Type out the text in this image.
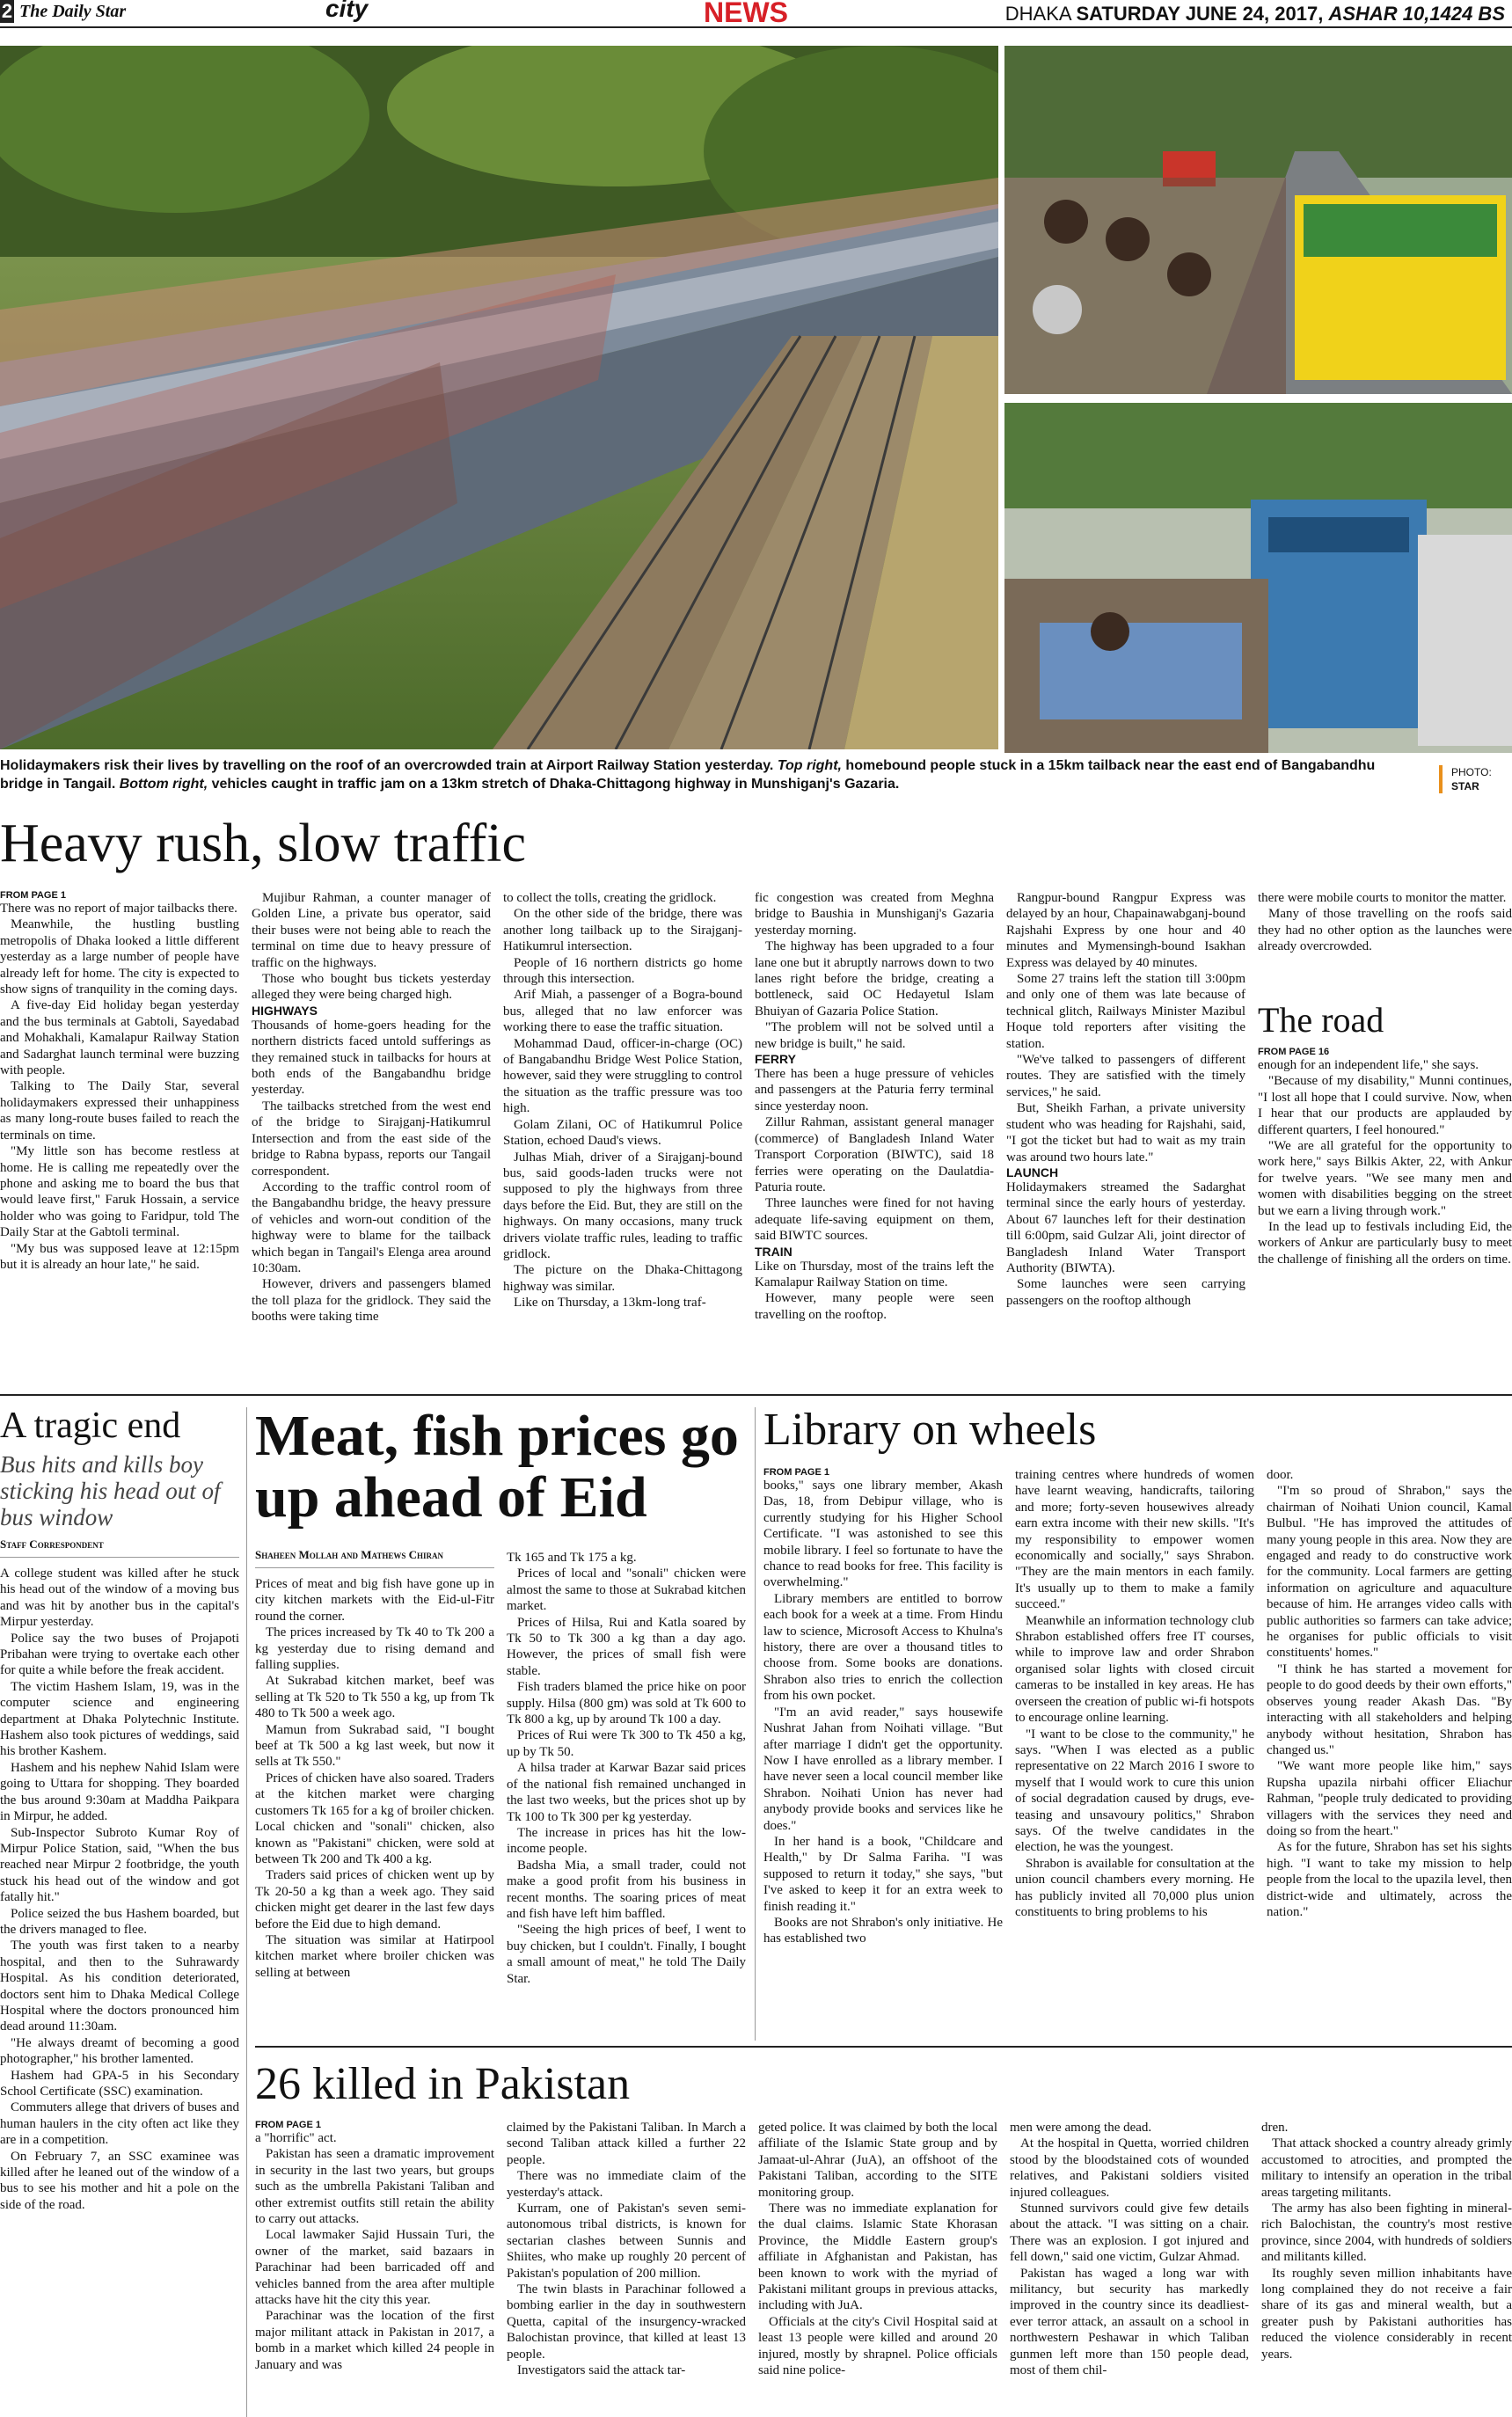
2 The Daily Star	city	NEWS	DHAKA SATURDAY JUNE 24, 2017, ASHAR 10,1424 BS
Holidaymakers risk their lives by travelling on the roof of an overcrowded train at Airport Railway Station yesterday. Top right, homebound people stuck in a 15km tailback near the east end of Bangabandhu bridge in Tangail. Bottom right, vehicles caught in traffic jam on a 13km stretch of Dhaka-Chittagong highway in Munshiganj's Gazaria.
PHOTO:
STAR
Heavy rush, slow traffic
FROM PAGE 1

There was no report of major tailbacks there.

Meanwhile, the hustling bustling metropolis of Dhaka looked a little different yesterday as a large number of people have already left for home. The city is expected to show signs of tranquility in the coming days.

A five-day Eid holiday began yesterday and the bus terminals at Gabtoli, Sayedabad and Mohakhali, Kamalapur Railway Station and Sadarghat launch terminal were buzzing with people.

Talking to The Daily Star, several holidaymakers expressed their unhappiness as many long-route buses failed to reach the terminals on time.

"My little son has become restless at home. He is calling me repeatedly over the phone and asking me to board the bus that would leave first," Faruk Hossain, a service holder who was going to Faridpur, told The Daily Star at the Gabtoli terminal.

"My bus was supposed leave at 12:15pm but it is already an hour late," he said.

Mujibur Rahman, a counter manager of Golden Line, a private bus operator, said their buses were not being able to reach the terminal on time due to heavy pressure of traffic on the highways.

Those who bought bus tickets yesterday alleged they were being charged high.

HIGHWAYS

Thousands of home-goers heading for the northern districts faced untold sufferings as they remained stuck in tailbacks for hours at both ends of the Bangabandhu bridge yesterday.

The tailbacks stretched from the west end of the bridge to Sirajganj-Hatikumrul Intersection and from the east side of the bridge to Rabna bypass, reports our Tangail correspondent.

According to the traffic control room of the Bangabandhu bridge, the heavy pressure of vehicles and worn-out condition of the highway were to blame for the tailback which began in Tangail's Elenga area around 10:30am.

However, drivers and passengers blamed the toll plaza for the gridlock. They said the booths were taking time

to collect the tolls, creating the gridlock.

On the other side of the bridge, there was another long tailback up to the Sirajganj-Hatikumrul intersection.

People of 16 northern districts go home through this intersection.

Arif Miah, a passenger of a Bogra-bound bus, alleged that no law enforcer was working there to ease the traffic situation.

Mohammad Daud, officer-in-charge (OC) of Bangabandhu Bridge West Police Station, however, said they were struggling to control the situation as the traffic pressure was too high.

Golam Zilani, OC of Hatikumrul Police Station, echoed Daud's views.

Julhas Miah, driver of a Sirajganj-bound bus, said goods-laden trucks were not supposed to ply the highways from three days before the Eid. But, they are still on the highways. On many occasions, many truck drivers violate traffic rules, leading to traffic gridlock.

The picture on the Dhaka-Chittagong highway was similar.

Like on Thursday, a 13km-long traf-

fic congestion was created from Meghna bridge to Baushia in Munshiganj's Gazaria yesterday morning.

The highway has been upgraded to a four lane one but it abruptly narrows down to two lanes right before the bridge, creating a bottleneck, said OC Hedayetul Islam Bhuiyan of Gazaria Police Station.

"The problem will not be solved until a new bridge is built," he said.

FERRY

There has been a huge pressure of vehicles and passengers at the Paturia ferry terminal since yesterday noon.

Zillur Rahman, assistant general manager (commerce) of Bangladesh Inland Water Transport Corporation (BIWTC), said 18 ferries were operating on the Daulatdia-Paturia route.

Three launches were fined for not having adequate life-saving equipment on them, said BIWTC sources.

TRAIN

Like on Thursday, most of the trains left the Kamalapur Railway Station on time.

However, many people were seen travelling on the rooftop.

Rangpur-bound Rangpur Express was delayed by an hour, Chapainawabganj-bound Rajshahi Express by one hour and 40 minutes and Mymensingh-bound Isakhan Express was delayed by 40 minutes.

Some 27 trains left the station till 3:00pm and only one of them was late because of technical glitch, Railways Minister Mazibul Hoque told reporters after visiting the station.

"We've talked to passengers of different routes. They are satisfied with the timely services," he said.

But, Sheikh Farhan, a private university student who was heading for Rajshahi, said, "I got the ticket but had to wait as my train was around two hours late."

LAUNCH

Holidaymakers streamed the Sadarghat terminal since the early hours of yesterday. About 67 launches left for their destination till 6:00pm, said Gulzar Ali, joint director of Bangladesh Inland Water Transport Authority (BIWTA).

Some launches were seen carrying passengers on the rooftop although

there were mobile courts to monitor the matter.

Many of those travelling on the roofs said they had no other option as the launches were already overcrowded.

The road
FROM PAGE 16

enough for an independent life," she says.

"Because of my disability," Munni continues, "I lost all hope that I could survive. Now, when I hear that our products are applauded by different quarters, I feel honoured."

"We are all grateful for the opportunity to work here," says Bilkis Akter, 22, with Ankur for twelve years. "We see many men and women with disabilities begging on the street but we earn a living through work."

In the lead up to festivals including Eid, the workers of Ankur are particularly busy to meet the challenge of finishing all the orders on time.

A tragic end
Bus hits and kills boy sticking his head out of bus window
Staff Correspondent

A college student was killed after he stuck his head out of the window of a moving bus and was hit by another bus in the capital's Mirpur yesterday.

Police say the two buses of Projapoti Pribahan were trying to overtake each other for quite a while before the freak accident.

The victim Hashem Islam, 19, was in the computer science and engineering department at Dhaka Polytechnic Institute. Hashem also took pictures of weddings, said his brother Kashem.

Hashem and his nephew Nahid Islam were going to Uttara for shopping. They boarded the bus around 9:30am at Maddha Paikpara in Mirpur, he added.

Sub-Inspector Subroto Kumar Roy of Mirpur Police Station, said, "When the bus reached near Mirpur 2 footbridge, the youth stuck his head out of the window and got fatally hit."

Police seized the bus Hashem boarded, but the drivers managed to flee.

The youth was first taken to a nearby hospital, and then to the Suhrawardy Hospital. As his condition deteriorated, doctors sent him to Dhaka Medical College Hospital where the doctors pronounced him dead around 11:30am.

"He always dreamt of becoming a good photographer," his brother lamented.

Hashem had GPA-5 in his Secondary School Certificate (SSC) examination.

Commuters allege that drivers of buses and human haulers in the city often act like they are in a competition.

On February 7, an SSC examinee was killed after he leaned out of the window of a bus to see his mother and hit a pole on the side of the road.

Meat, fish prices go up ahead of Eid
Shaheen Mollah and Mathews Chiran

Prices of meat and big fish have gone up in city kitchen markets with the Eid-ul-Fitr round the corner.

The prices increased by Tk 40 to Tk 200 a kg yesterday due to rising demand and falling supplies.

At Sukrabad kitchen market, beef was selling at Tk 520 to Tk 550 a kg, up from Tk 480 to Tk 500 a week ago.

Mamun from Sukrabad said, "I bought beef at Tk 500 a kg last week, but now it sells at Tk 550."

Prices of chicken have also soared. Traders at the kitchen market were charging customers Tk 165 for a kg of broiler chicken. Local chicken and "sonali" chicken, also known as "Pakistani" chicken, were sold at between Tk 200 and Tk 400 a kg.

Traders said prices of chicken went up by Tk 20-50 a kg than a week ago. They said chicken might get dearer in the last few days before the Eid due to high demand.

The situation was similar at Hatirpool kitchen market where broiler chicken was selling at between

Tk 165 and Tk 175 a kg.

Prices of local and "sonali" chicken were almost the same to those at Sukrabad kitchen market.

Prices of Hilsa, Rui and Katla soared by Tk 50 to Tk 300 a kg than a day ago. However, the prices of small fish were stable.

Fish traders blamed the price hike on poor supply. Hilsa (800 gm) was sold at Tk 600 to Tk 800 a kg, up by around Tk 100 a day.

Prices of Rui were Tk 300 to Tk 450 a kg, up by Tk 50.

A hilsa trader at Karwar Bazar said prices of the national fish remained unchanged in the last two weeks, but the prices shot up by Tk 100 to Tk 300 per kg yesterday.

The increase in prices has hit the low-income people.

Badsha Mia, a small trader, could not make a good profit from his business in recent months. The soaring prices of meat and fish have left him baffled.

"Seeing the high prices of beef, I went to buy chicken, but I couldn't. Finally, I bought a small amount of meat," he told The Daily Star.

Library on wheels
FROM PAGE 1

books," says one library member, Akash Das, 18, from Debipur village, who is currently studying for his Higher School Certificate. "I was astonished to see this mobile library. I feel so fortunate to have the chance to read books for free. This facility is overwhelming."

Library members are entitled to borrow each book for a week at a time. From Hindu law to science, Microsoft Access to Khulna's history, there are over a thousand titles to choose from. Some books are donations. Shrabon also tries to enrich the collection from his own pocket.

"I'm an avid reader," says housewife Nushrat Jahan from Noihati village. "But after marriage I didn't get the opportunity. Now I have enrolled as a library member. I have never seen a local council member like Shrabon. Noihati Union has never had anybody provide books and services like he does."

In her hand is a book, "Childcare and Health," by Dr Salma Fariha. "I was supposed to return it today," she says, "but I've asked to keep it for an extra week to finish reading it."

Books are not Shrabon's only initiative. He has established two

training centres where hundreds of women have learnt weaving, handicrafts, tailoring and more; forty-seven housewives already earn extra income with their new skills. "It's my responsibility to empower women economically and socially," says Shrabon. "They are the main mentors in each family. It's usually up to them to make a family succeed."

Meanwhile an information technology club Shrabon established offers free IT courses, while to improve law and order Shrabon organised solar lights with closed circuit cameras to be installed in key areas. He has overseen the creation of public wi-fi hotspots to encourage online learning.

"I want to be close to the community," he says. "When I was elected as a public representative on 22 March 2016 I swore to myself that I would work to cure this union of social degradation caused by drugs, eve-teasing and unsavoury politics," Shrabon says. Of the twelve candidates in the election, he was the youngest.

Shrabon is available for consultation at the union council chambers every morning. He has publicly invited all 70,000 plus union constituents to bring problems to his

door.

"I'm so proud of Shrabon," says the chairman of Noihati Union council, Kamal Bulbul. "He has improved the attitudes of many young people in this area. Now they are engaged and ready to do constructive work for the community. Local farmers are getting information on agriculture and aquaculture because of him. He arranges video calls with public authorities so farmers can take advice; he organises for public officials to visit constituents' homes."

"I think he has started a movement for people to do good deeds by their own efforts," observes young reader Akash Das. "By interacting with all stakeholders and helping anybody without hesitation, Shrabon has changed us."

"We want more people like him," says Rupsha upazila nirbahi officer Eliachur Rahman, "people truly dedicated to providing villagers with the services they need and doing so from the heart."

As for the future, Shrabon has set his sights high. "I want to take my mission to help people from the local to the upazila level, then district-wide and ultimately, across the nation."

26 killed in Pakistan
FROM PAGE 1

a "horrific" act.

Pakistan has seen a dramatic improvement in security in the last two years, but groups such as the umbrella Pakistani Taliban and other extremist outfits still retain the ability to carry out attacks.

Local lawmaker Sajid Hussain Turi, the owner of the market, said bazaars in Parachinar had been barricaded off and vehicles banned from the area after multiple attacks have hit the city this year.

Parachinar was the location of the first major militant attack in Pakistan in 2017, a bomb in a market which killed 24 people in January and was

claimed by the Pakistani Taliban. In March a second Taliban attack killed a further 22 people.

There was no immediate claim of the yesterday's attack.

Kurram, one of Pakistan's seven semi-autonomous tribal districts, is known for sectarian clashes between Sunnis and Shiites, who make up roughly 20 percent of Pakistan's population of 200 million.

The twin blasts in Parachinar followed a bombing earlier in the day in southwestern Quetta, capital of the insurgency-wracked Balochistan province, that killed at least 13 people.

Investigators said the attack tar-

geted police. It was claimed by both the local affiliate of the Islamic State group and by Jamaat-ul-Ahrar (JuA), an offshoot of the Pakistani Taliban, according to the SITE monitoring group.

There was no immediate explanation for the dual claims. Islamic State Khorasan Province, the Middle Eastern group's affiliate in Afghanistan and Pakistan, has been known to work with the myriad of Pakistani militant groups in previous attacks, including with JuA.

Officials at the city's Civil Hospital said at least 13 people were killed and around 20 injured, mostly by shrapnel. Police officials said nine police-

men were among the dead.

At the hospital in Quetta, worried children stood by the bloodstained cots of wounded relatives, and Pakistani soldiers visited injured colleagues.

Stunned survivors could give few details about the attack. "I was sitting on a chair. There was an explosion. I got injured and fell down," said one victim, Gulzar Ahmad.

Pakistan has waged a long war with militancy, but security has markedly improved in the country since its deadliest-ever terror attack, an assault on a school in northwestern Peshawar in which Taliban gunmen left more than 150 people dead, most of them chil-

dren.

That attack shocked a country already grimly accustomed to atrocities, and prompted the military to intensify an operation in the tribal areas targeting militants.

The army has also been fighting in mineral-rich Balochistan, the country's most restive province, since 2004, with hundreds of soldiers and militants killed.

Its roughly seven million inhabitants have long complained they do not receive a fair share of its gas and mineral wealth, but a greater push by Pakistani authorities has reduced the violence considerably in recent years.
